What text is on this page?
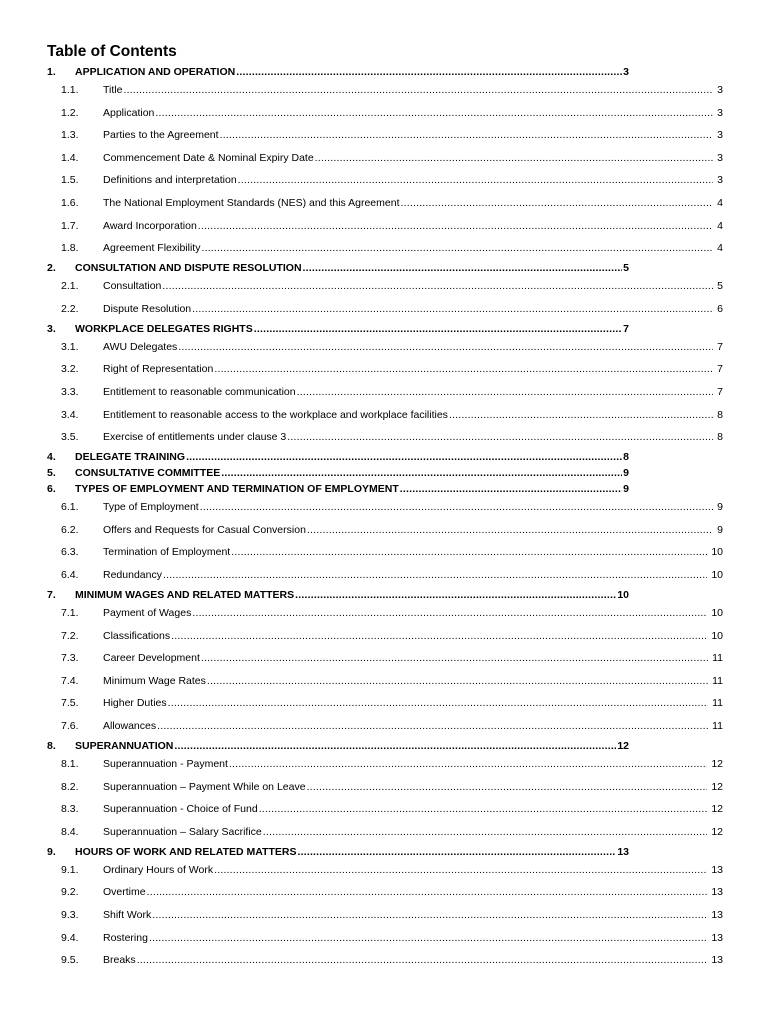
Table of Contents
1. APPLICATION AND OPERATION .....	3
1.1. Title .....	3
1.2. Application .....	3
1.3. Parties to the Agreement .....	3
1.4. Commencement Date & Nominal Expiry Date .....	3
1.5. Definitions and interpretation .....	3
1.6. The National Employment Standards (NES) and this Agreement .....	4
1.7. Award Incorporation .....	4
1.8. Agreement Flexibility .....	4
2. CONSULTATION AND DISPUTE RESOLUTION .....	5
2.1. Consultation .....	5
2.2. Dispute Resolution .....	6
3. WORKPLACE DELEGATES RIGHTS .....	7
3.1. AWU Delegates .....	7
3.2. Right of Representation .....	7
3.3. Entitlement to reasonable communication .....	7
3.4. Entitlement to reasonable access to the workplace and workplace facilities .....	8
3.5. Exercise of entitlements under clause 3 .....	8
4. DELEGATE TRAINING .....	8
5. CONSULTATIVE COMMITTEE .....	9
6. TYPES OF EMPLOYMENT AND TERMINATION OF EMPLOYMENT .....	9
6.1. Type of Employment .....	9
6.2. Offers and Requests for Casual Conversion .....	9
6.3. Termination of Employment .....	10
6.4. Redundancy .....	10
7. MINIMUM WAGES AND RELATED MATTERS .....	10
7.1. Payment of Wages .....	10
7.2. Classifications .....	10
7.3. Career Development .....	11
7.4. Minimum Wage Rates .....	11
7.5. Higher Duties .....	11
7.6. Allowances .....	11
8. SUPERANNUATION .....	12
8.1. Superannuation - Payment .....	12
8.2. Superannuation – Payment While on Leave .....	12
8.3. Superannuation - Choice of Fund .....	12
8.4. Superannuation – Salary Sacrifice .....	12
9. HOURS OF WORK AND RELATED MATTERS .....	13
9.1. Ordinary Hours of Work .....	13
9.2. Overtime .....	13
9.3. Shift Work .....	13
9.4. Rostering .....	13
9.5. Breaks .....	13
